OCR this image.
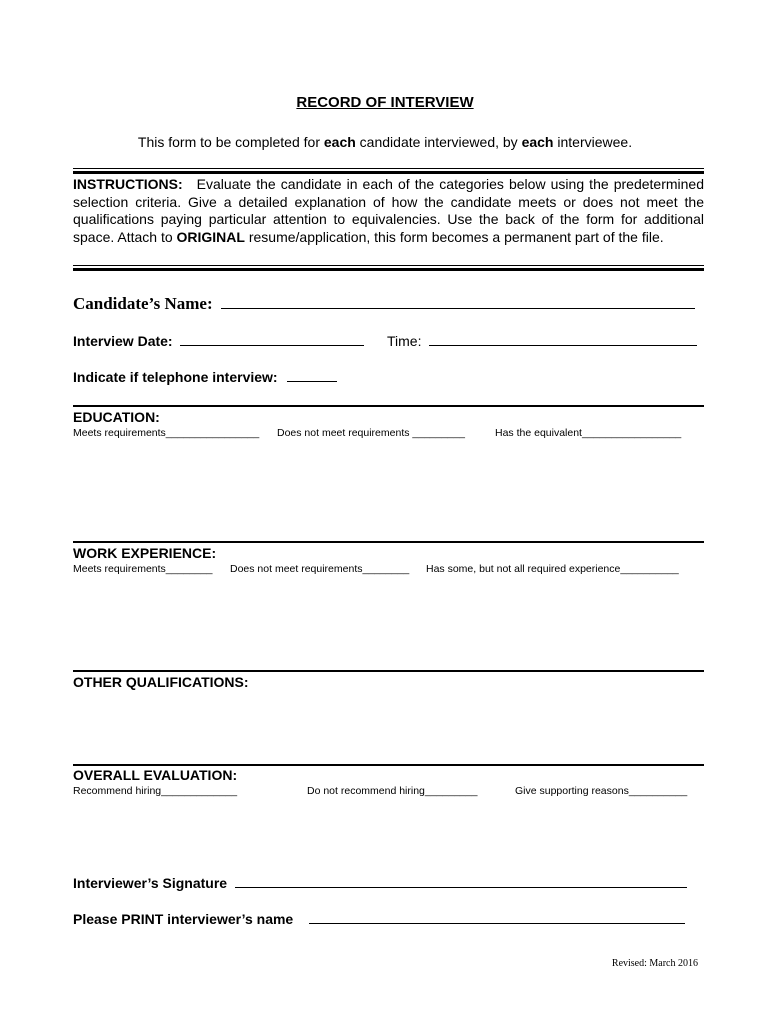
RECORD OF INTERVIEW
This form to be completed for each candidate interviewed, by each interviewee.
INSTRUCTIONS: Evaluate the candidate in each of the categories below using the predetermined selection criteria. Give a detailed explanation of how the candidate meets or does not meet the qualifications paying particular attention to equivalencies. Use the back of the form for additional space. Attach to ORIGINAL resume/application, this form becomes a permanent part of the file.
Candidate’s Name:
Interview Date:	Time:
Indicate if telephone interview:
EDUCATION:
Meets requirements________________ Does not meet requirements _________	Has the equivalent_________________
WORK EXPERIENCE:
Meets requirements________ Does not meet requirements________ Has some, but not all required experience__________
OTHER QUALIFICATIONS:
OVERALL EVALUATION:
Recommend hiring_____________	Do not recommend hiring_________	Give supporting reasons__________
Interviewer’s Signature
Please PRINT interviewer’s name
Revised: March 2016
